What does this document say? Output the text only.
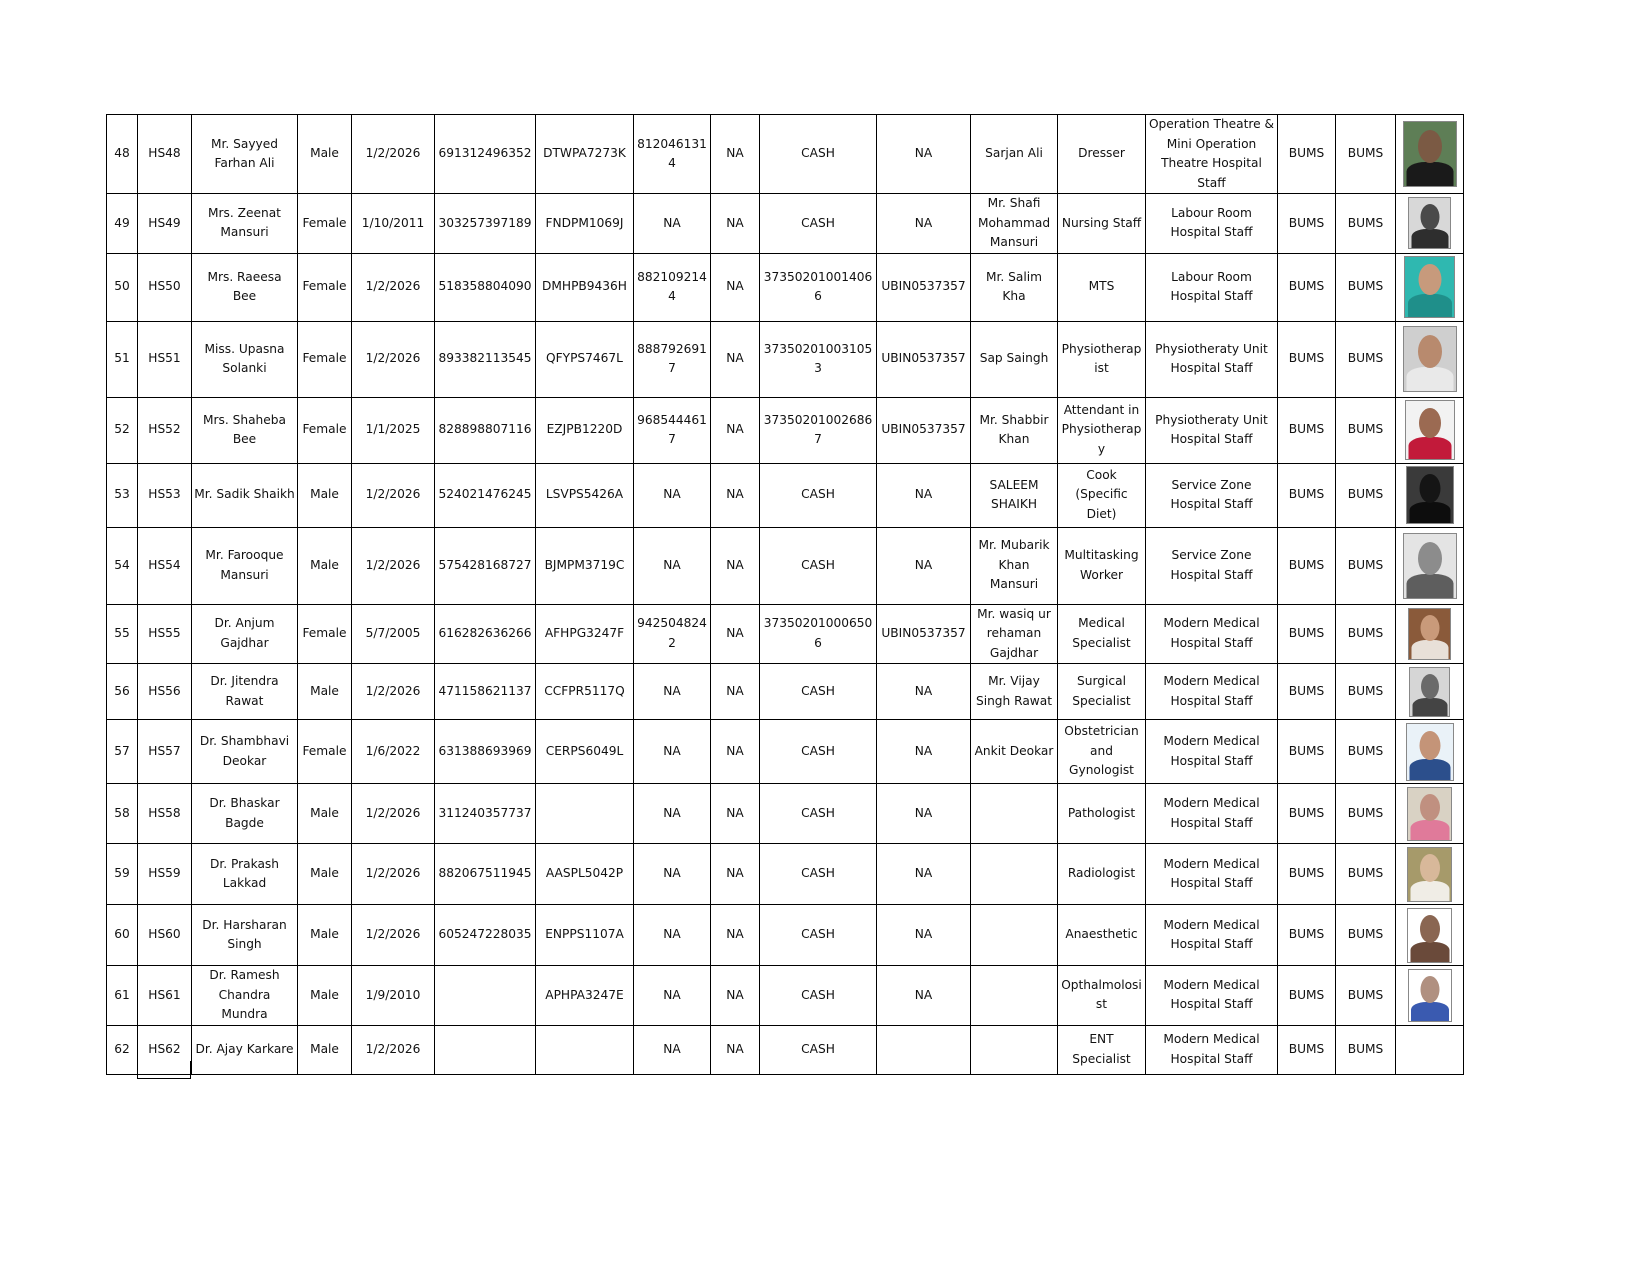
48	HS48	Mr. Sayyed Farhan Ali	Male	1/2/2026	691312496352	DTWPA7273K	8120461314	NA	CASH	NA	Sarjan Ali	Dresser	Operation Theatre & Mini Operation Theatre Hospital Staff	BUMS	BUMS	

49	HS49	Mrs. Zeenat Mansuri	Female	1/10/2011	303257397189	FNDPM1069J	NA	NA	CASH	NA	Mr. Shafi Mohammad Mansuri	Nursing Staff	Labour Room Hospital Staff	BUMS	BUMS	

50	HS50	Mrs. Raeesa Bee	Female	1/2/2026	518358804090	DMHPB9436H	8821092144	NA	373502010014066	UBIN0537357	Mr. Salim Kha	MTS	Labour Room Hospital Staff	BUMS	BUMS	

51	HS51	Miss. Upasna Solanki	Female	1/2/2026	893382113545	QFYPS7467L	8887926917	NA	373502010031053	UBIN0537357	Sap Saingh	Physiotherapist	Physiotheraty Unit Hospital Staff	BUMS	BUMS	

52	HS52	Mrs. Shaheba Bee	Female	1/1/2025	828898807116	EZJPB1220D	9685444617	NA	373502010026867	UBIN0537357	Mr. Shabbir Khan	Attendant in Physiotherapy	Physiotheraty Unit Hospital Staff	BUMS	BUMS	

53	HS53	Mr. Sadik Shaikh	Male	1/2/2026	524021476245	LSVPS5426A	NA	NA	CASH	NA	SALEEM SHAIKH	Cook (Specific Diet)	Service Zone Hospital Staff	BUMS	BUMS	

54	HS54	Mr. Farooque Mansuri	Male	1/2/2026	575428168727	BJMPM3719C	NA	NA	CASH	NA	Mr. Mubarik Khan Mansuri	Multitasking Worker	Service Zone Hospital Staff	BUMS	BUMS	

55	HS55	Dr. Anjum Gajdhar	Female	5/7/2005	616282636266	AFHPG3247F	9425048242	NA	373502010006506	UBIN0537357	Mr. wasiq ur rehaman Gajdhar	Medical Specialist	Modern Medical Hospital Staff	BUMS	BUMS	

56	HS56	Dr. Jitendra Rawat	Male	1/2/2026	471158621137	CCFPR5117Q	NA	NA	CASH	NA	Mr. Vijay Singh Rawat	Surgical Specialist	Modern Medical Hospital Staff	BUMS	BUMS	

57	HS57	Dr. Shambhavi Deokar	Female	1/6/2022	631388693969	CERPS6049L	NA	NA	CASH	NA	Ankit Deokar	Obstetrician and Gynologist	Modern Medical Hospital Staff	BUMS	BUMS	

58	HS58	Dr. Bhaskar Bagde	Male	1/2/2026	311240357737		NA	NA	CASH	NA		Pathologist	Modern Medical Hospital Staff	BUMS	BUMS	

59	HS59	Dr. Prakash Lakkad	Male	1/2/2026	882067511945	AASPL5042P	NA	NA	CASH	NA		Radiologist	Modern Medical Hospital Staff	BUMS	BUMS	

60	HS60	Dr. Harsharan Singh	Male	1/2/2026	605247228035	ENPPS1107A	NA	NA	CASH	NA		Anaesthetic	Modern Medical Hospital Staff	BUMS	BUMS	

61	HS61	Dr. Ramesh Chandra Mundra	Male	1/9/2010		APHPA3247E	NA	NA	CASH	NA		Opthalmolosist	Modern Medical Hospital Staff	BUMS	BUMS	

62	HS62	Dr. Ajay Karkare	Male	1/2/2026			NA	NA	CASH			ENT Specialist	Modern Medical Hospital Staff	BUMS	BUMS	
